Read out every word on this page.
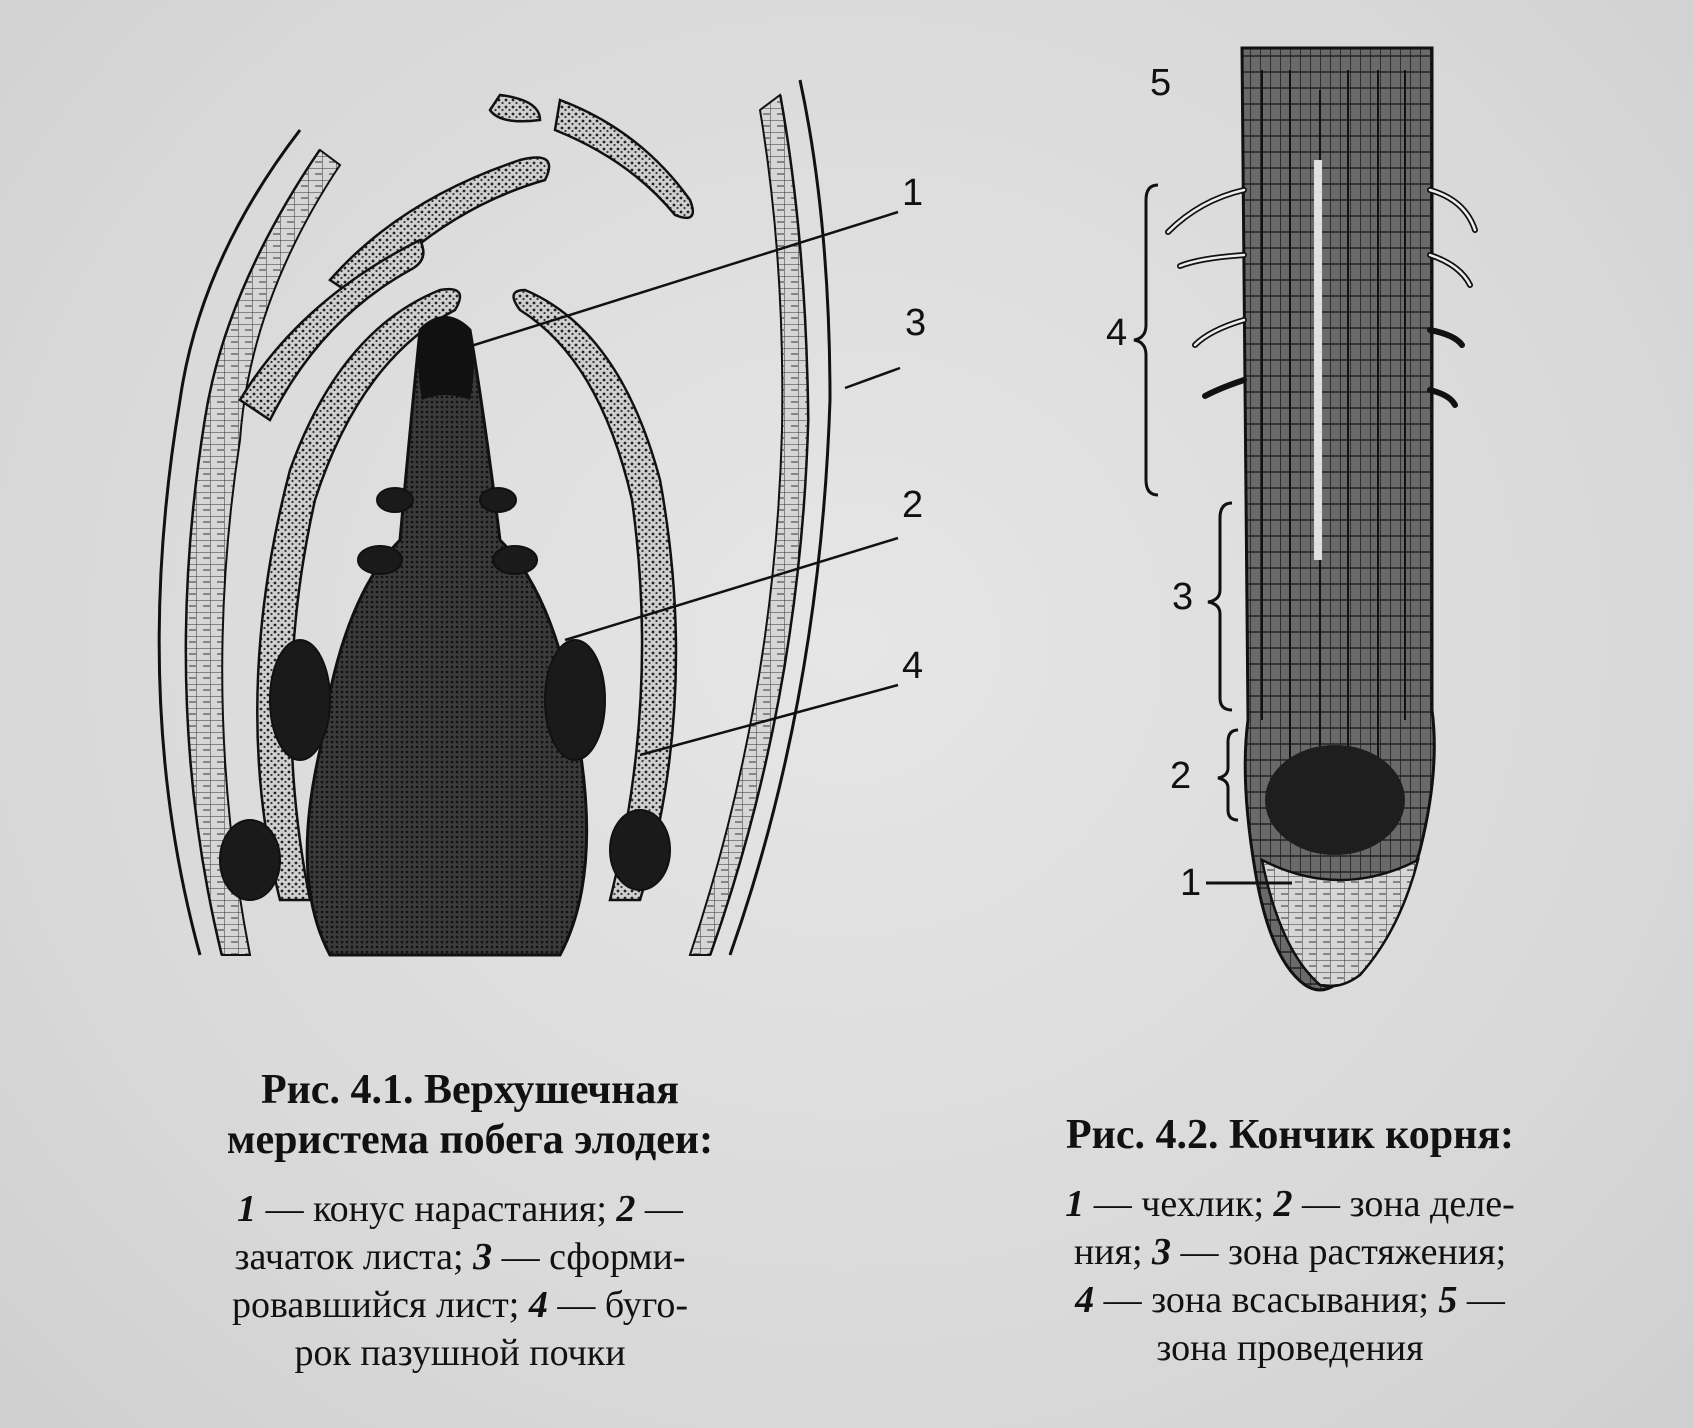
1
3
2
4
5
4
3
2
1
Рис. 4.1. Верхушечная
меристема побега элодеи:
1 — конус нарастания; 2 —
зачаток листа; 3 — сформи-
ровавшийся лист; 4 — буго-
рок пазушной почки
Рис. 4.2. Кончик корня:
1 — чехлик; 2 — зона деле-
ния; 3 — зона растяжения;
4 — зона всасывания; 5 —
зона проведения
